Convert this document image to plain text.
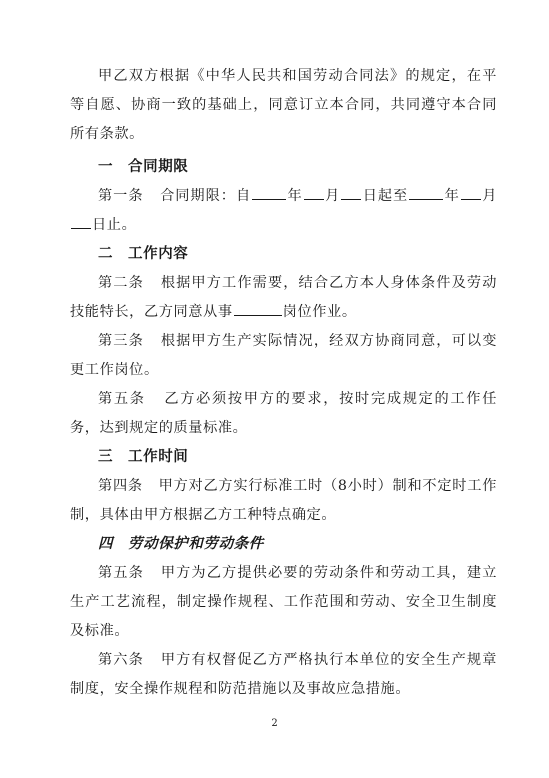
甲乙双方根据《中华人民共和国劳动合同法》的规定，在平等自愿、协商一致的基础上，同意订立本合同，共同遵守本合同所有条款。

一 合同期限

第一条 合同期限：自	年 月 日起至	年 月日止。

二 工作内容

第二条 根据甲方工作需要，结合乙方本人身体条件及劳动技能特长，乙方同意从事	岗位作业。

第三条 根据甲方生产实际情况，经双方协商同意，可以变更工作岗位。

第五条 乙方必须按甲方的要求，按时完成规定的工作任务，达到规定的质量标准。

三 工作时间

第四条 甲方对乙方实行标准工时（8小时）制和不定时工作制，具体由甲方根据乙方工种特点确定。

四 劳动保护和劳动条件

第五条 甲方为乙方提供必要的劳动条件和劳动工具，建立生产工艺流程，制定操作规程、工作范围和劳动、安全卫生制度及标准。

第六条 甲方有权督促乙方严格执行本单位的安全生产规章制度，安全操作规程和防范措施以及事故应急措施。

2
